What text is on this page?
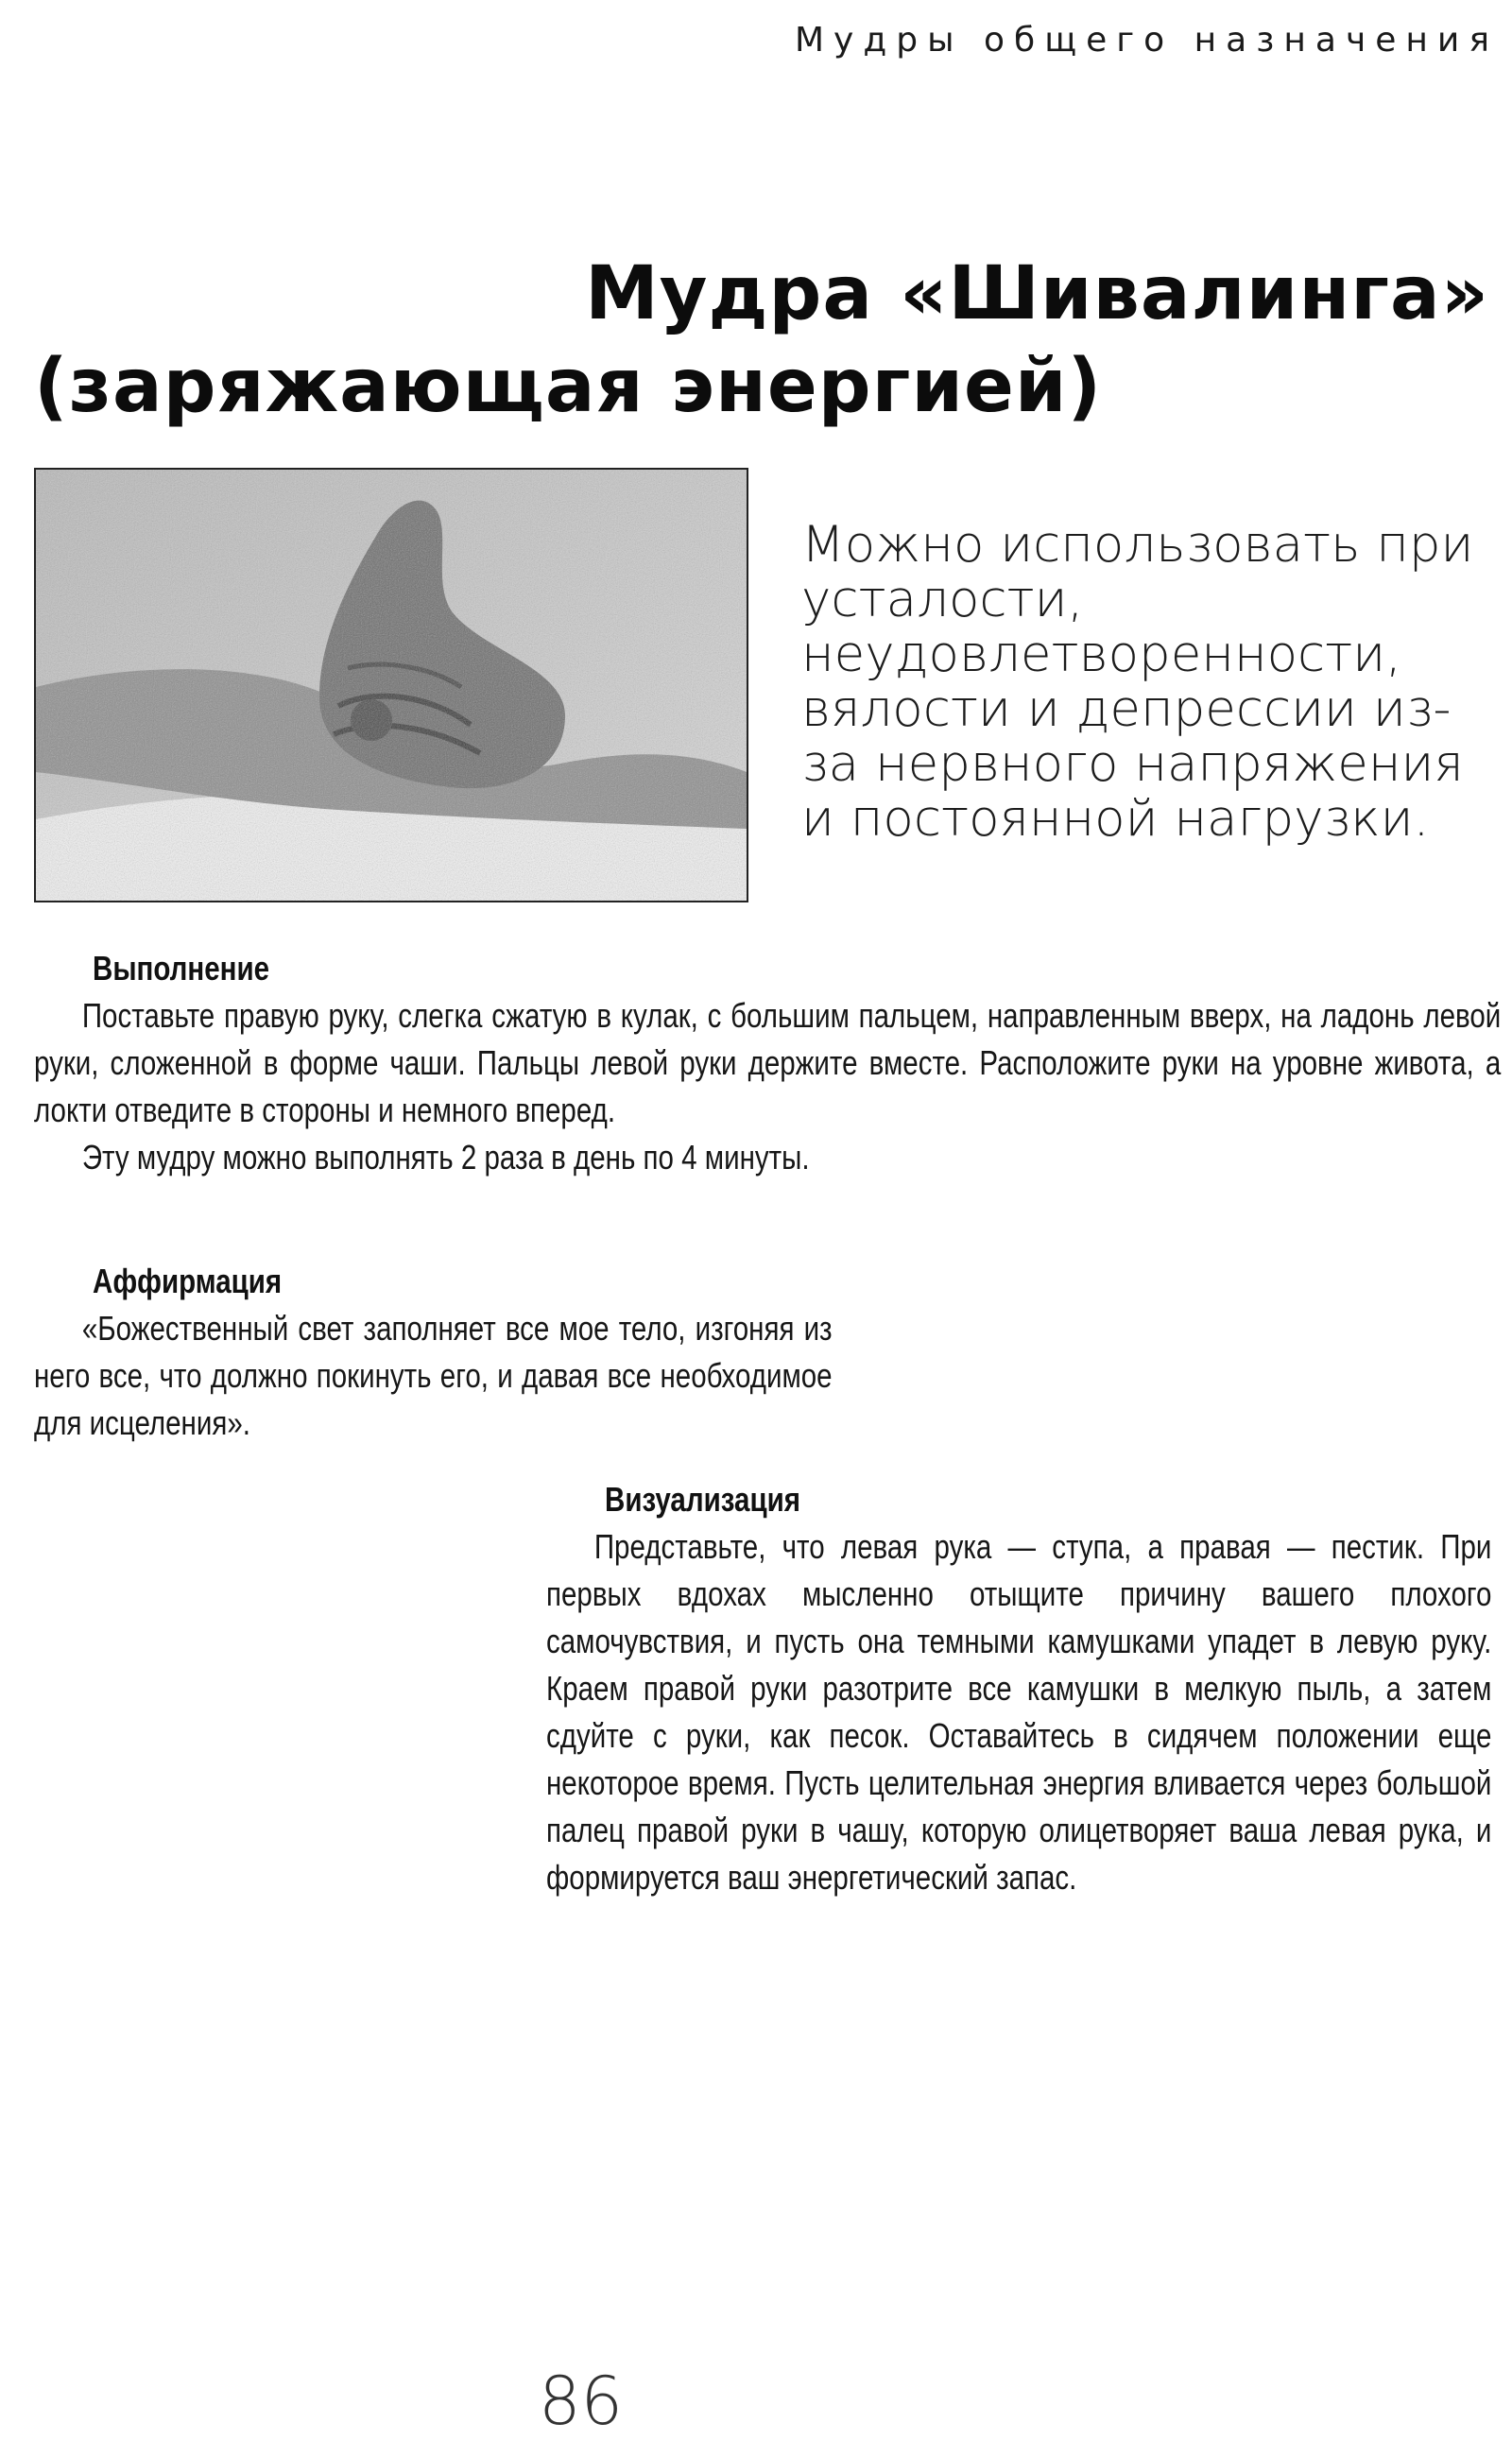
Мудры общего назначения
Мудра «Шивалинга»
(заряжающая энергией)
Можно использовать при усталости, неудовлетворенности, вялости и депрессии из-за нервного напряжения и постоянной нагрузки.
Выполнение

Поставьте правую руку, слегка сжатую в кулак, с большим пальцем, направленным вверх, на ладонь левой руки, сложенной в форме чаши. Пальцы левой руки держите вместе. Расположите руки на уровне живота, а локти отведите в стороны и немного вперед.

Эту мудру можно выполнять 2 раза в день по 4 минуты.

Аффирмация

«Божественный свет заполняет все мое тело, изгоняя из него все, что должно покинуть его, и давая все необходимое для исцеления».

Визуализация

Представьте, что левая рука — ступа, а правая — пестик. При первых вдохах мысленно отыщите причину вашего плохого самочувствия, и пусть она темными камушками упадет в левую руку. Краем правой руки разотрите все камушки в мелкую пыль, а затем сдуйте с руки, как песок. Оставайтесь в сидячем положении еще некоторое время. Пусть целительная энергия вливается через большой палец правой руки в чашу, которую олицетворяет ваша левая рука, и формируется ваш энергетический запас.

86
